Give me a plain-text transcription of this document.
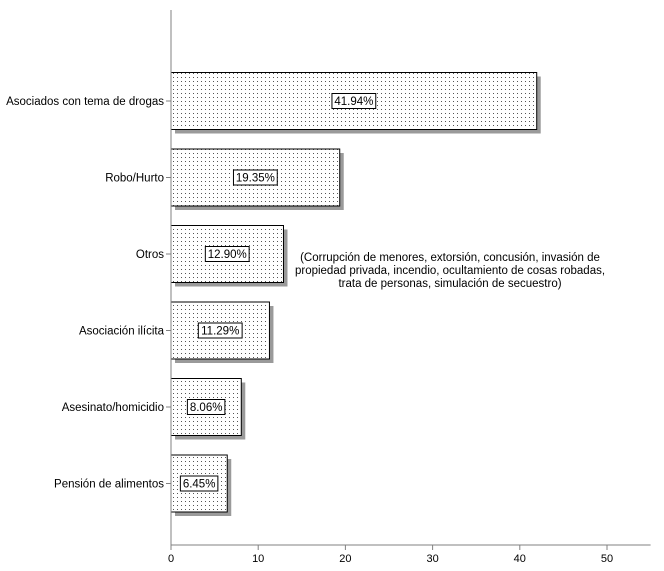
0	10	20	30	40	50
Asociados con tema de drogas
Robo/Hurto
Otros
Asociación ilícita
Asesinato/homicidio
Pensión de alimentos
41.94%
19.35%
12.90%
11.29%
8.06%
6.45%
(Corrupción de menores, extorsión, concusión, invasión de
propiedad privada, incendio, ocultamiento de cosas robadas,
trata de personas, simulación de secuestro)
